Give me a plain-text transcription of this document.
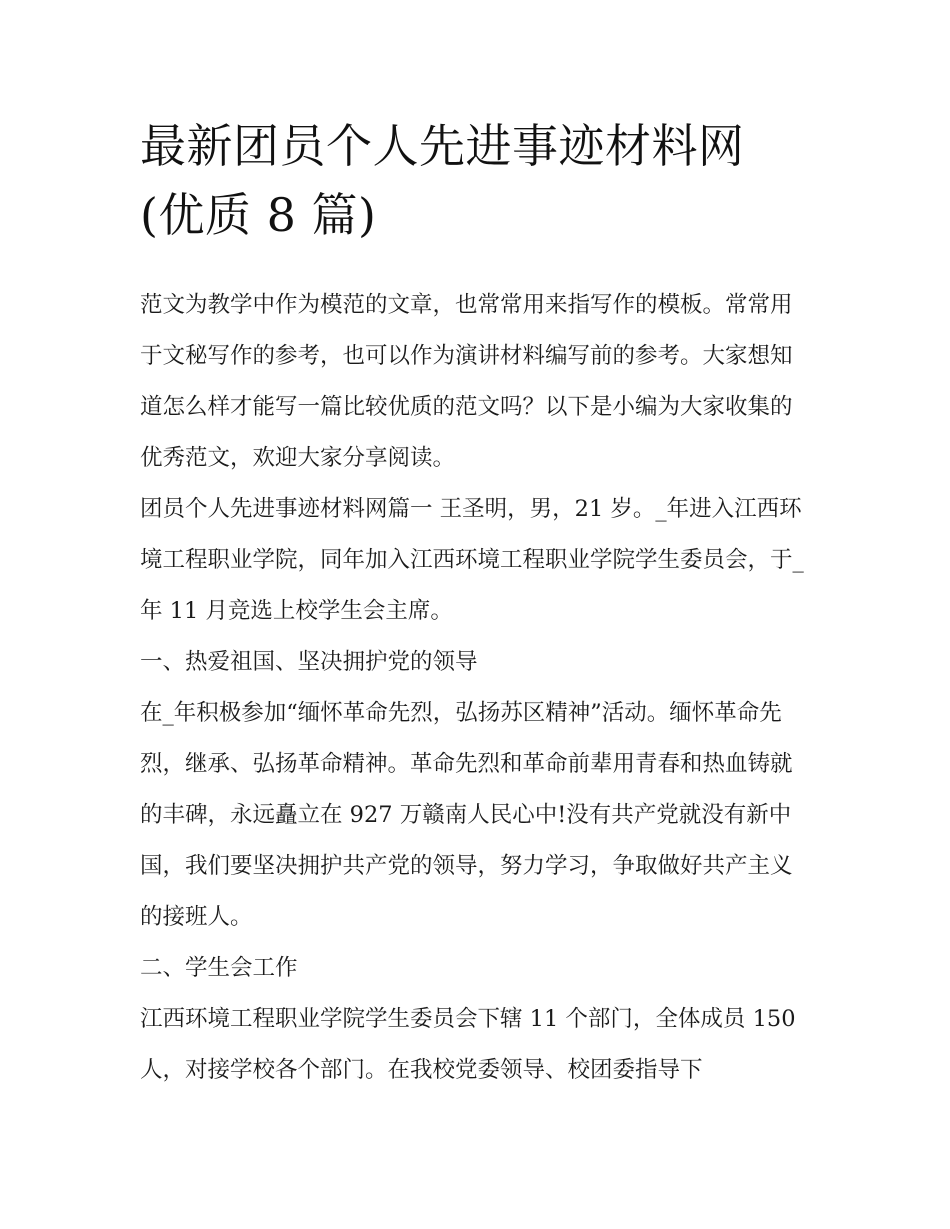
最新团员个人先进事迹材料网
(优质 8 篇)

范文为教学中作为模范的文章，也常常用来指写作的模板。常常用于文秘写作的参考，也可以作为演讲材料编写前的参考。大家想知道怎么样才能写一篇比较优质的范文吗？以下是小编为大家收集的优秀范文，欢迎大家分享阅读。

团员个人先进事迹材料网篇一 王圣明，男，21 岁。_年进入江西环境工程职业学院，同年加入江西环境工程职业学院学生委员会，于_年 11 月竞选上校学生会主席。

一、热爱祖国、坚决拥护党的领导

在_年积极参加“缅怀革命先烈，弘扬苏区精神”活动。缅怀革命先烈，继承、弘扬革命精神。革命先烈和革命前辈用青春和热血铸就的丰碑，永远矗立在 927 万赣南人民心中!没有共产党就没有新中国，我们要坚决拥护共产党的领导，努力学习，争取做好共产主义的接班人。

二、学生会工作

江西环境工程职业学院学生委员会下辖 11 个部门，全体成员 150 人，对接学校各个部门。在我校党委领导、校团委指导下
